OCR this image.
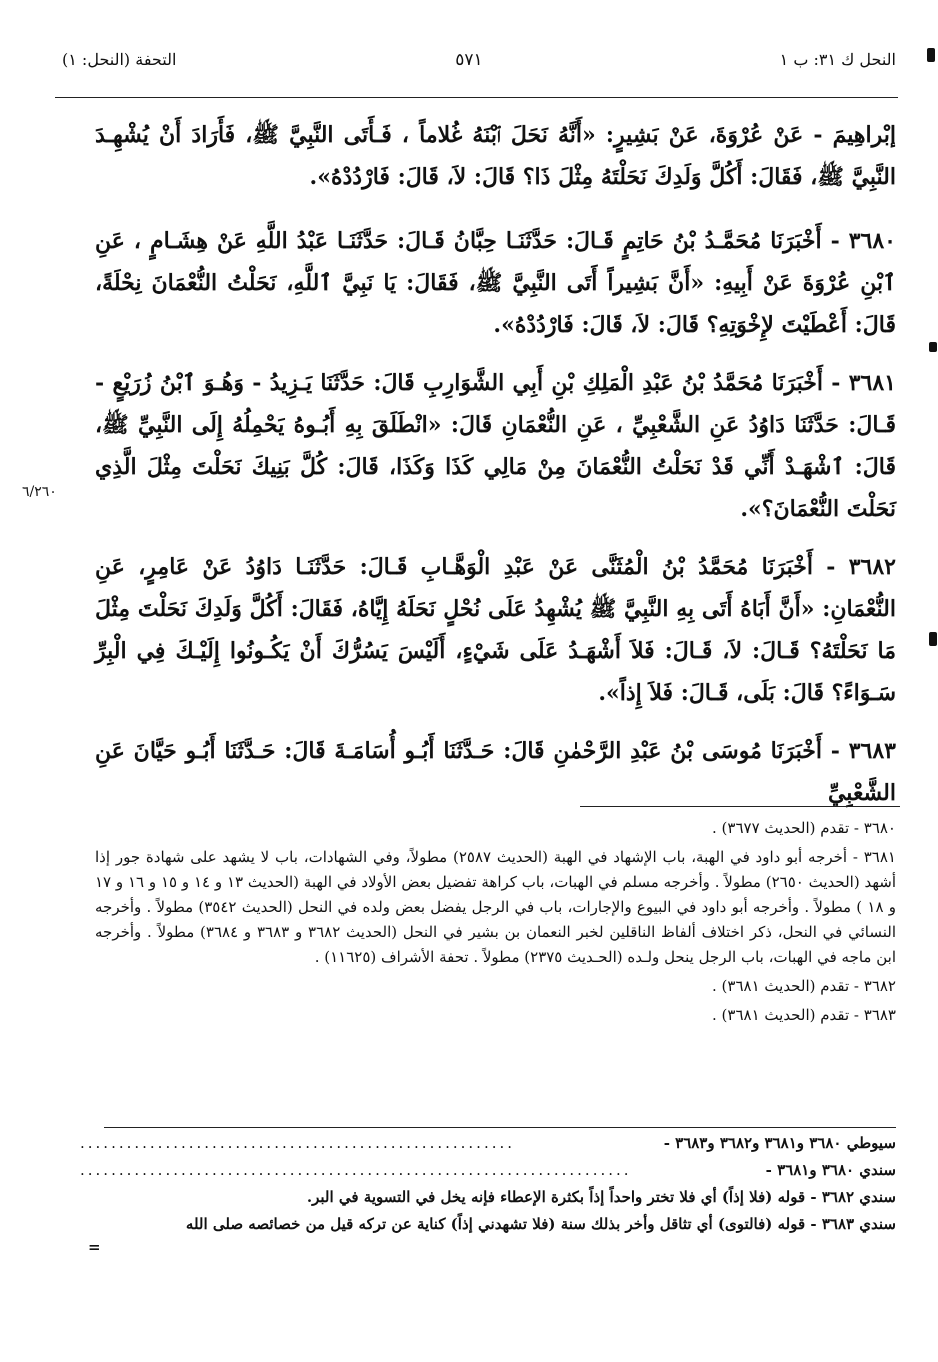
النحل ك ٣١: ب ١
٥٧١
التحفة (النحل: ١)

إبْراهِيمَ - عَنْ عُرْوَةَ، عَنْ بَشِيرٍ: «أَنَّهُ نَحَلَ ٱبْنَهُ غُلاماً ، فَـأَتَى النَّبِيَّ ﷺ، فَأَرَادَ أَنْ يُشْهِـدَ النَّبِيَّ ﷺ، فَقَالَ: أَكُلَّ وَلَدِكَ نَحَلْتَهُ مِثْلَ ذَا؟ قَالَ: لاَ، قَالَ: فَارْدُدْهُ».

٣٦٨٠ - أَخْبَرَنَا مُحَمَّـدُ بْنُ حَاتِمٍ قَـالَ: حَدَّثَنَـا حِبَّانُ قَـالَ: حَدَّثَنَـا عَبْدُ اللَّهِ عَنْ هِشَـامٍ ، عَنِ ٱبْنِ عُرْوَةَ عَنْ أَبِيهِ: «أَنَّ بَشِيراً أَتَى النَّبِيَّ ﷺ، فَقَالَ: يَا نَبِيَّ ٱللَّهِ، نَحَلْتُ النُّعْمَانَ نِحْلَةً، قَالَ: أَعْطَيْتَ لإِخْوَتِهِ؟ قَالَ: لاَ، قَالَ: فَارْدُدْهُ».

٣٦٨١ - أَخْبَرَنَا مُحَمَّدُ بْنُ عَبْدِ الْمَلِكِ بْنِ أَبِي الشَّوَارِبِ قَالَ: حَدَّثَنَا يَـزِيدُ - وَهُـوَ ٱبْنُ زُرَيْعٍ - قَـالَ: حَدَّثَنَا دَاوُدُ عَنِ الشَّعْبِيِّ ، عَنِ النُّعْمَانِ قَالَ: «انْطَلَقَ بِهِ أَبُـوهُ يَحْمِلُهُ إِلَى النَّبِيِّ ﷺ، قَالَ: ٱشْهَـدْ أَنِّي قَدْ نَحَلْتُ النُّعْمَانَ مِنْ مَالِي كَذَا وَكَذَا، قَالَ: كُلَّ بَنِيكَ نَحَلْتَ مِثْلَ الَّذِي نَحَلْتَ النُّعْمَانَ؟».

٣٦٨٢ - أَخْبَرَنَا مُحَمَّدُ بْنُ الْمُثَنَّى عَنْ عَبْدِ الْوَهَّـابِ قَـالَ: حَدَّثَنَـا دَاوُدُ عَنْ عَامِرٍ، عَنِ النُّعْمَانِ: «أَنَّ أَبَاهُ أَتَى بِهِ النَّبِيَّ ﷺ يُشْهِدُ عَلَى نُحْلٍ نَحَلَهُ إِيَّاهُ، فَقَالَ: أَكُلَّ وَلَدِكَ نَحَلْتَ مِثْلَ مَا نَحَلْتَهُ؟ قَـالَ: لاَ، قَـالَ: فَلاَ أَشْهَـدُ عَلَى شَيْءٍ، أَلَيْسَ يَسُرُّكَ أَنْ يَكُـونُوا إِلَيْـكَ فِي الْبِرِّ سَـوَاءً؟ قَالَ: بَلَى، قَـالَ: فَلاَ إِذاً».

٣٦٨٣ - أَخْبَرَنَا مُوسَى بْنُ عَبْدِ الرَّحْمٰنِ قَالَ: حَـدَّثَنَا أَبُـو أُسَامَـةَ قَالَ: حَـدَّثَنَا أَبُـو حَيَّانَ عَنِ الشَّعْبِيِّ

٦/٢٦٠

٣٦٨٠ - تقدم (الحديث ٣٦٧٧) .

٣٦٨١ - أخرجه أبو داود في الهبة، باب الإشهاد في الهبة (الحديث ٢٥٨٧) مطولاً، وفي الشهادات، باب لا يشهد على شهادة جور إذا أشهد (الحديث ٢٦٥٠) مطولاً . وأخرجه مسلم في الهبات، باب كراهة تفضيل بعض الأولاد في الهبة (الحديث ١٣ و ١٤ و ١٥ و ١٦ و ١٧ و ١٨ ) مطولاً . وأخرجه أبو داود في البيوع والإجارات، باب في الرجل يفضل بعض ولده في النحل (الحديث ٣٥٤٢) مطولاً . وأخرجه النسائي في النحل، ذكر اختلاف ألفاظ الناقلين لخبر النعمان بن بشير في النحل (الحديث ٣٦٨٢ و ٣٦٨٣ و ٣٦٨٤) مطولاً . وأخرجه ابن ماجه في الهبات، باب الرجل ينحل ولـده (الحـديث ٢٣٧٥) مطولاً . تحفة الأشراف (١١٦٢٥) .

٣٦٨٢ - تقدم (الحديث ٣٦٨١) .

٣٦٨٣ - تقدم (الحديث ٣٦٨١) .

سيوطي ٣٦٨٠ و٣٦٨١ و٣٦٨٢ و٣٦٨٣ -
........................................................
سندي ٣٦٨٠ و٣٦٨١ -
.......................................................................
سندي ٣٦٨٢ - قوله (فلا إذاً) أي فلا تختر واحداً إذاً بكثرة الإعطاء فإنه يخل في التسوية في البر.
سندي ٣٦٨٣ - قوله (فالتوى) أي تثاقل وأخر بذلك سنة (فلا تشهدني إذاً) كناية عن تركه قيل من خصائصه صلى الله
=
